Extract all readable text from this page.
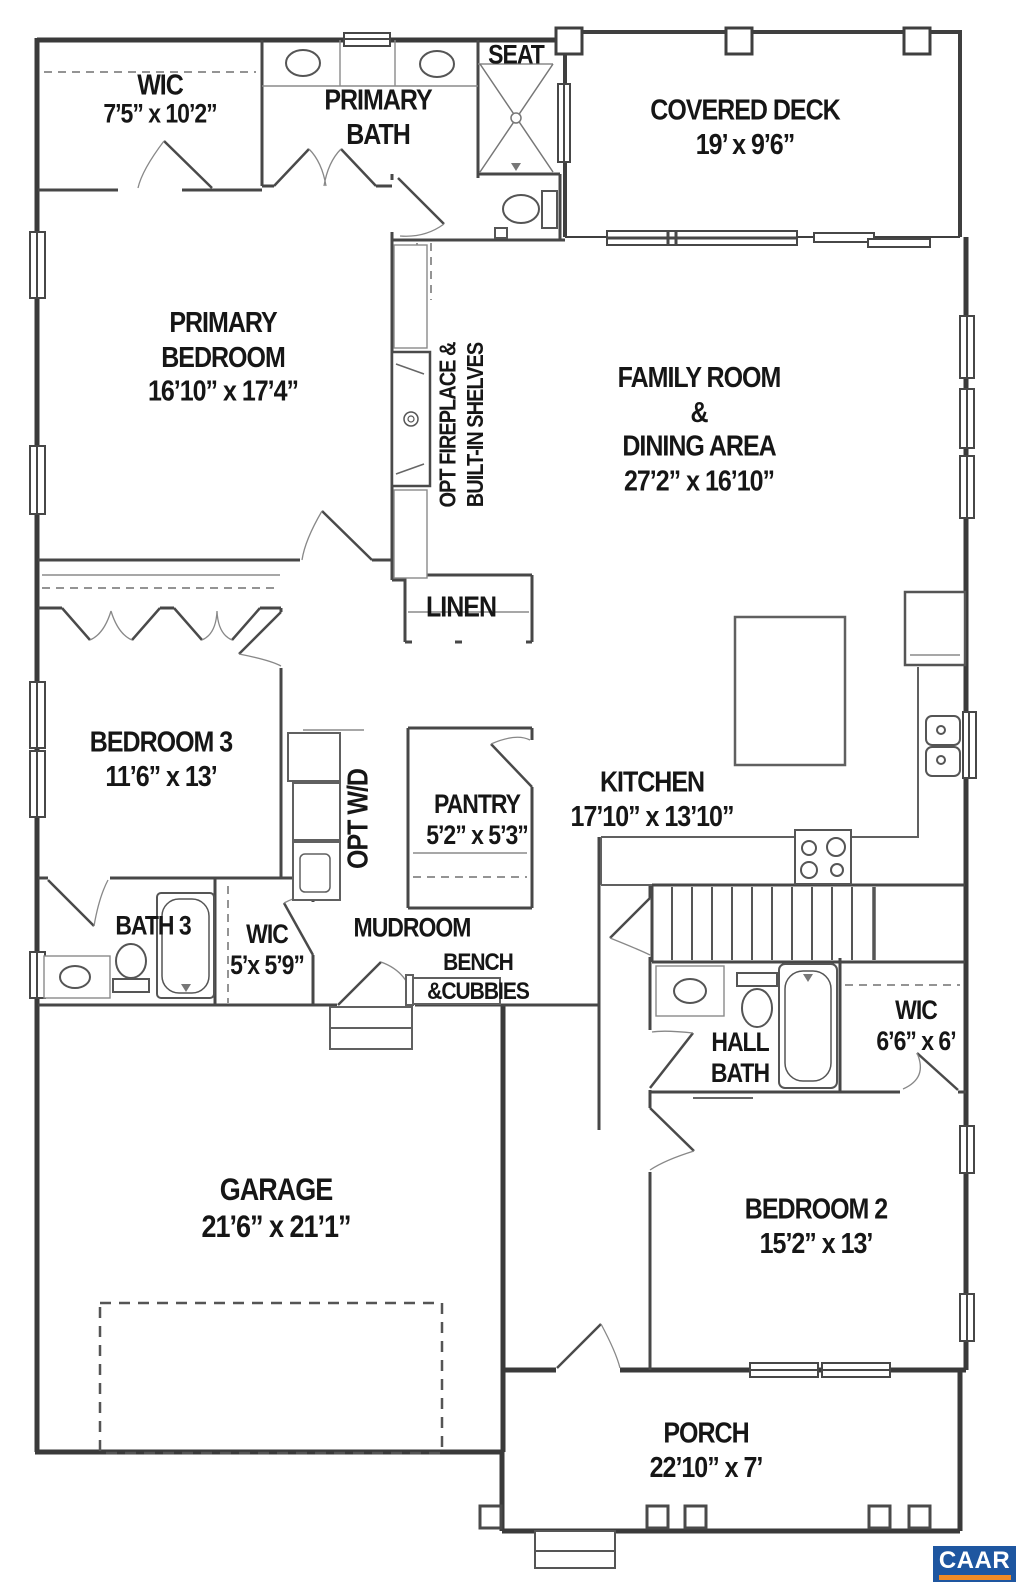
WIC
7’5” x 10’2”	PRIMARY
BATH
SEAT
COVERED DECK
19’ x 9’6”
PRIMARY
BEDROOM
16’10” x 17’4”	OPT FIREPLACE & BUILT-IN SHELVES	FAMILY ROOM
&
DINING AREA
27’2” x 16’10”
LINEN
BEDROOM 3
11’6” x 13’	OPT W/D	PANTRY
5’2” x 5’3”
KITCHEN
17’10” x 13’10”
BATH 3	WIC
5’x 5’9”
MUDROOM
BENCH
&CUBBIES
HALL
BATH
WIC
6’6” x 6’
GARAGE
21’6” x 21’1”	BEDROOM 2
15’2” x 13’
PORCH
22’10” x 7’
CAAR
